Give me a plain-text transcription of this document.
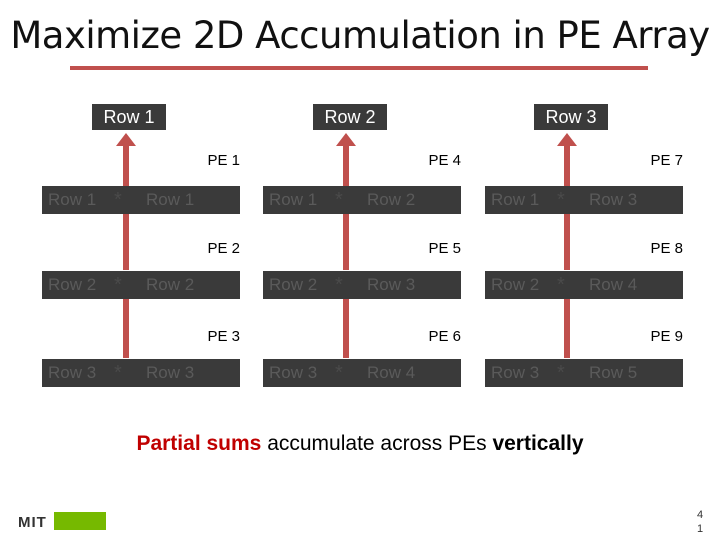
Maximize 2D Accumulation in PE Array
Row 1	Row 2	Row 3
PE 1
Row 1 * Row 1
PE 2
Row 2 * Row 2
PE 3
Row 3 * Row 3
PE 4
Row 1 * Row 2
PE 5
Row 2 * Row 3
PE 6
Row 3 * Row 4
PE 7
Row 1 * Row 3
PE 8
Row 2 * Row 4
PE 9
Row 3 * Row 5
Partial sums accumulate across PEs vertically
MIT	4
1
